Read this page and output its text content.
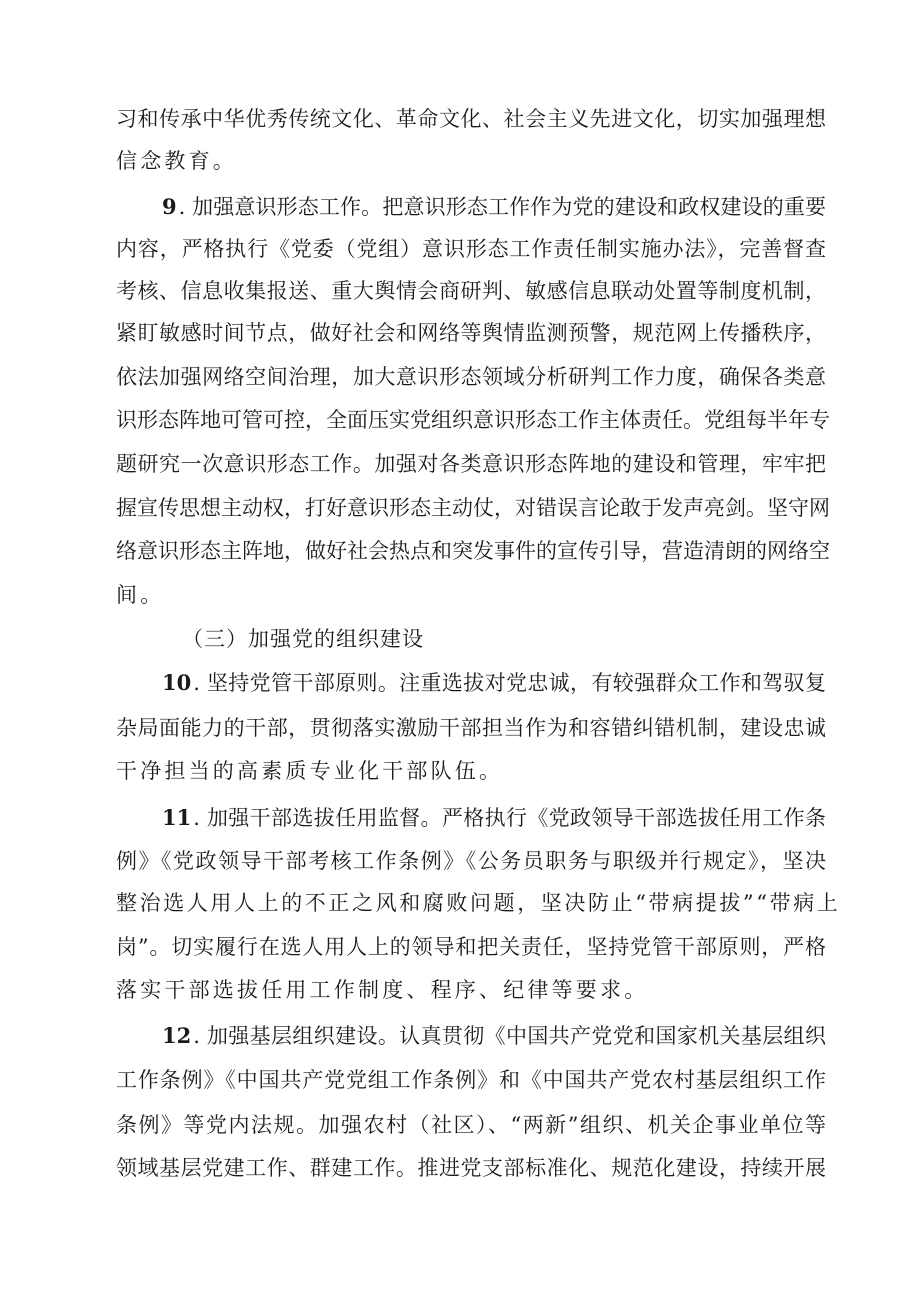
习和传承中华优秀传统文化、革命文化、社会主义先进文化，切实加强理想
信念教育。
9. 加强意识形态工作。把意识形态工作作为党的建设和政权建设的重要
内容，严格执行《党委（党组）意识形态工作责任制实施办法》，完善督查
考核、信息收集报送、重大舆情会商研判、敏感信息联动处置等制度机制，
紧盯敏感时间节点，做好社会和网络等舆情监测预警，规范网上传播秩序，
依法加强网络空间治理，加大意识形态领域分析研判工作力度，确保各类意
识形态阵地可管可控，全面压实党组织意识形态工作主体责任。党组每半年专
题研究一次意识形态工作。加强对各类意识形态阵地的建设和管理，牢牢把
握宣传思想主动权，打好意识形态主动仗，对错误言论敢于发声亮剑。坚守网
络意识形态主阵地，做好社会热点和突发事件的宣传引导，营造清朗的网络空
间。
（三）加强党的组织建设
10. 坚持党管干部原则。注重选拔对党忠诚，有较强群众工作和驾驭复
杂局面能力的干部，贯彻落实激励干部担当作为和容错纠错机制，建设忠诚
干净担当的高素质专业化干部队伍。
11. 加强干部选拔任用监督。严格执行《党政领导干部选拔任用工作条
例》《党政领导干部考核工作条例》《公务员职务与职级并行规定》，坚决
整治选人用人上的不正之风和腐败问题，坚决防止“带病提拔”“带病上
岗”。切实履行在选人用人上的领导和把关责任，坚持党管干部原则，严格
落实干部选拔任用工作制度、程序、纪律等要求。
12. 加强基层组织建设。认真贯彻《中国共产党党和国家机关基层组织
工作条例》《中国共产党党组工作条例》和《中国共产党农村基层组织工作
条例》等党内法规。加强农村（社区）、“两新”组织、机关企事业单位等
领域基层党建工作、群建工作。推进党支部标准化、规范化建设，持续开展
